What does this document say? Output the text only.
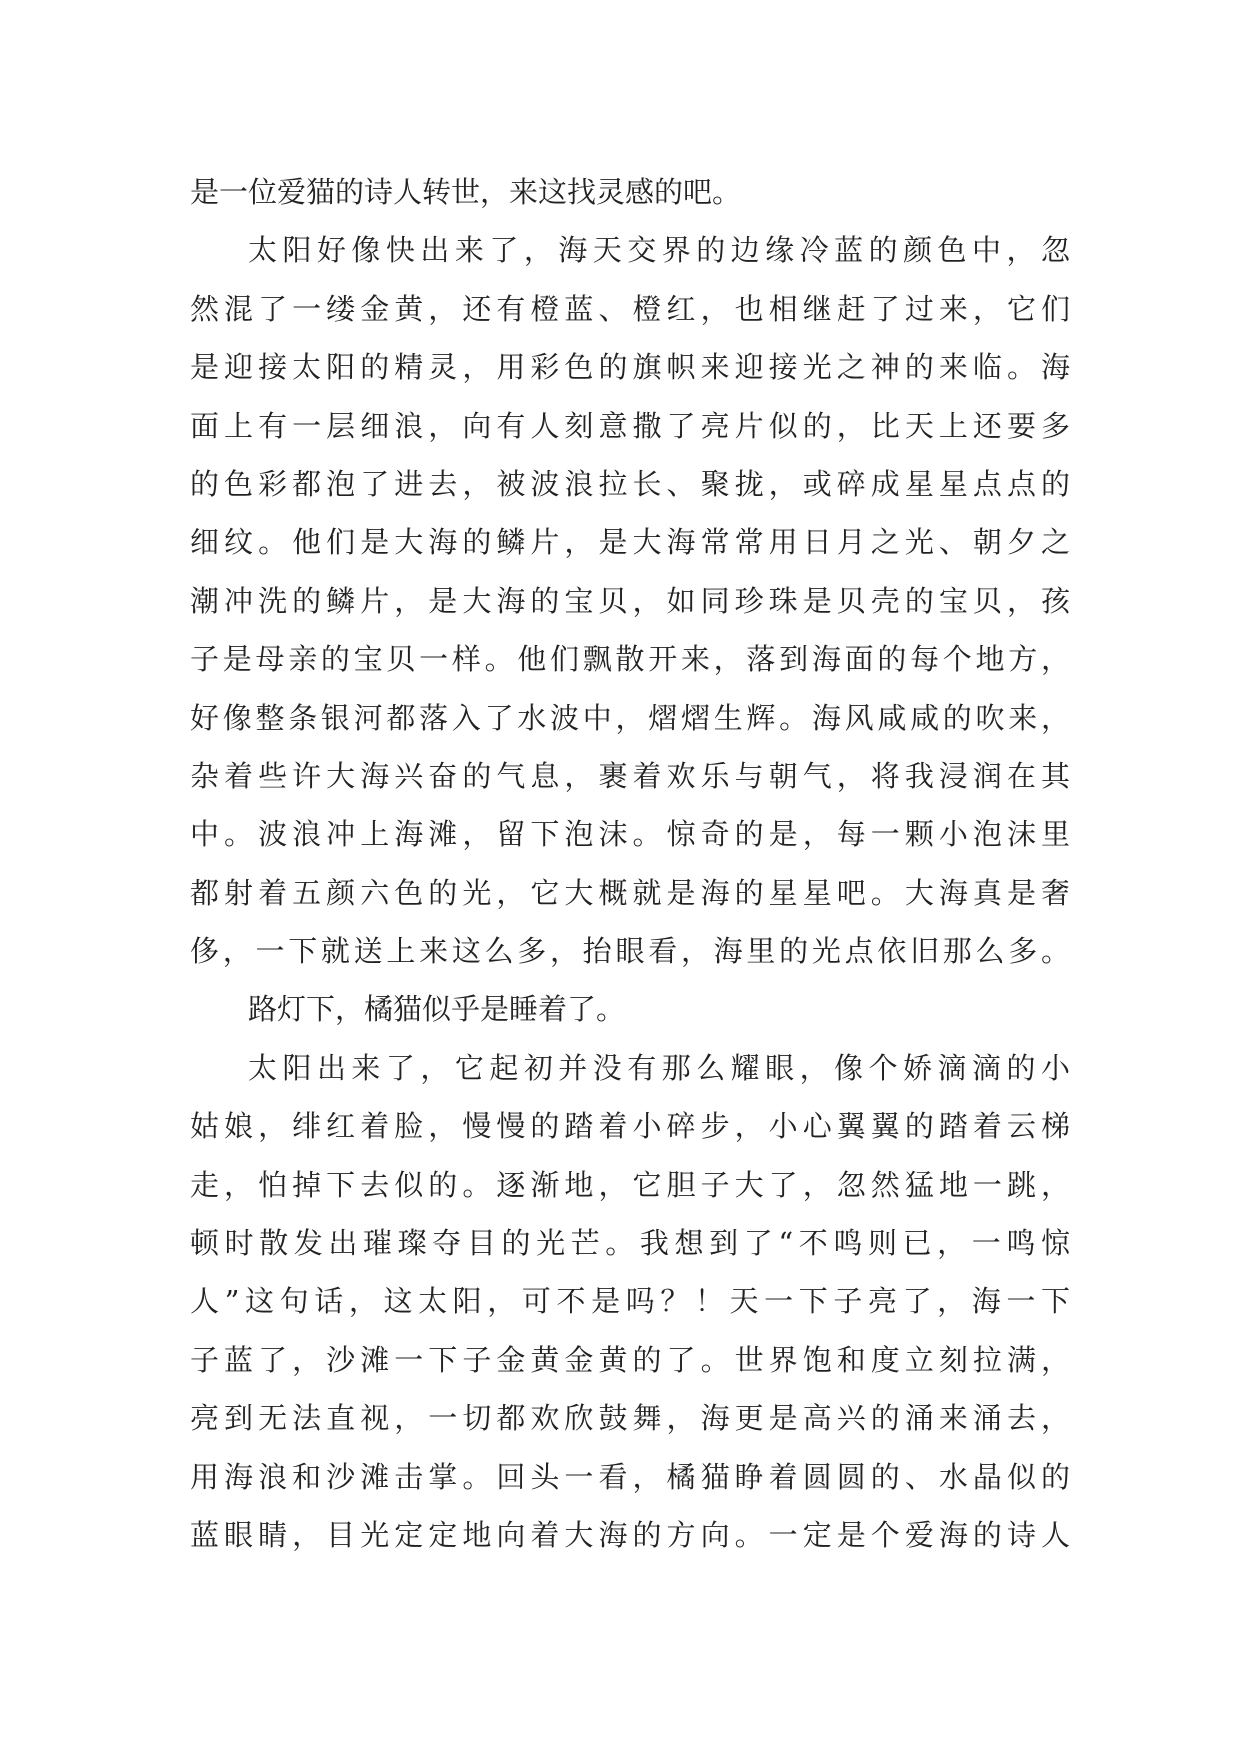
是一位爱猫的诗人转世，来这找灵感的吧。
太阳好像快出来了，海天交界的边缘冷蓝的颜色中，忽
然混了一缕金黄，还有橙蓝、橙红，也相继赶了过来，它们
是迎接太阳的精灵，用彩色的旗帜来迎接光之神的来临。海
面上有一层细浪，向有人刻意撒了亮片似的，比天上还要多
的色彩都泡了进去，被波浪拉长、聚拢，或碎成星星点点的
细纹。他们是大海的鳞片，是大海常常用日月之光、朝夕之
潮冲洗的鳞片，是大海的宝贝，如同珍珠是贝壳的宝贝，孩
子是母亲的宝贝一样。他们飘散开来，落到海面的每个地方，
好像整条银河都落入了水波中，熠熠生辉。海风咸咸的吹来，
杂着些许大海兴奋的气息，裹着欢乐与朝气，将我浸润在其
中。波浪冲上海滩，留下泡沫。惊奇的是，每一颗小泡沫里
都射着五颜六色的光，它大概就是海的星星吧。大海真是奢
侈，一下就送上来这么多，抬眼看，海里的光点依旧那么多。
路灯下，橘猫似乎是睡着了。
太阳出来了，它起初并没有那么耀眼，像个娇滴滴的小
姑娘，绯红着脸，慢慢的踏着小碎步，小心翼翼的踏着云梯
走，怕掉下去似的。逐渐地，它胆子大了，忽然猛地一跳，
顿时散发出璀璨夺目的光芒。我想到了“不鸣则已，一鸣惊
人”这句话，这太阳，可不是吗？！天一下子亮了，海一下
子蓝了，沙滩一下子金黄金黄的了。世界饱和度立刻拉满，
亮到无法直视，一切都欢欣鼓舞，海更是高兴的涌来涌去，
用海浪和沙滩击掌。回头一看，橘猫睁着圆圆的、水晶似的
蓝眼睛，目光定定地向着大海的方向。一定是个爱海的诗人
